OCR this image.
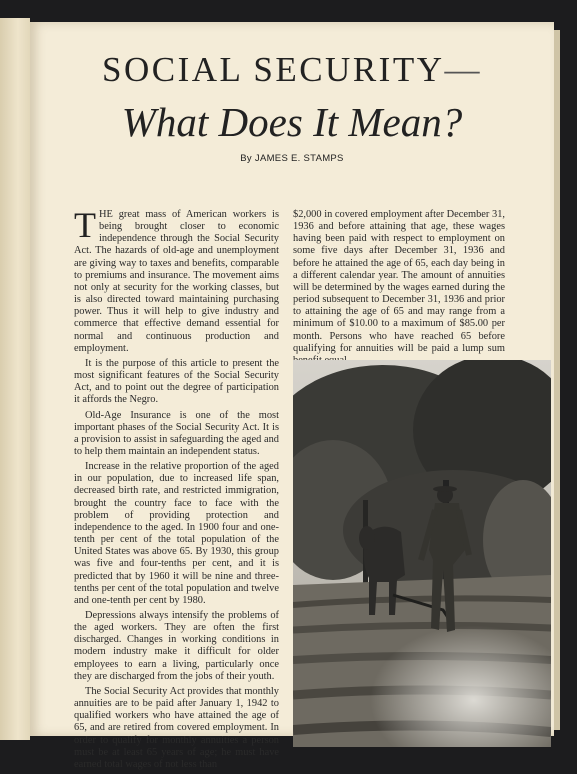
SOCIAL SECURITY—
What Does It Mean?
By JAMES E. STAMPS

THE great mass of American workers is being brought closer to economic independence through the Social Security Act. The hazards of old-age and unemployment are giving way to taxes and benefits, comparable to premiums and insurance. The movement aims not only at security for the working classes, but is also directed toward maintaining purchasing power. Thus it will help to give industry and commerce that effective demand essential for normal and continuous production and employment.

It is the purpose of this article to present the most significant features of the Social Security Act, and to point out the degree of participation it affords the Negro.

Old-Age Insurance is one of the most important phases of the Social Security Act. It is a provision to assist in safeguarding the aged and to help them maintain an independent status.

Increase in the relative proportion of the aged in our population, due to increased life span, decreased birth rate, and restricted immigration, brought the country face to face with the problem of providing protection and independence to the aged. In 1900 four and one-tenth per cent of the total population of the United States was above 65. By 1930, this group was five and four-tenths per cent, and it is predicted that by 1960 it will be nine and three-tenths per cent of the total population and twelve and one-tenth per cent by 1980.

Depressions always intensify the problems of the aged workers. They are often the first discharged. Changes in working conditions in modern industry make it difficult for older employees to earn a living, particularly once they are discharged from the jobs of their youth.

The Social Security Act provides that monthly annuities are to be paid after January 1, 1942 to qualified workers who have attained the age of 65, and are retired from covered employment. In order to qualify for monthly annuities a person must be at least 65 years of age; he must have earned total wages of not less than

$2,000 in covered employment after December 31, 1936 and before attaining that age, these wages having been paid with respect to employment on some five days after December 31, 1936 and before he attained the age of 65, each day being in a different calendar year. The amount of annuities will be determined by the wages earned during the period subsequent to December 31, 1936 and prior to attaining the age of 65 and may range from a minimum of $10.00 to a maximum of $85.00 per month. Persons who have reached 65 before qualifying for annuities will be paid a lump sum
